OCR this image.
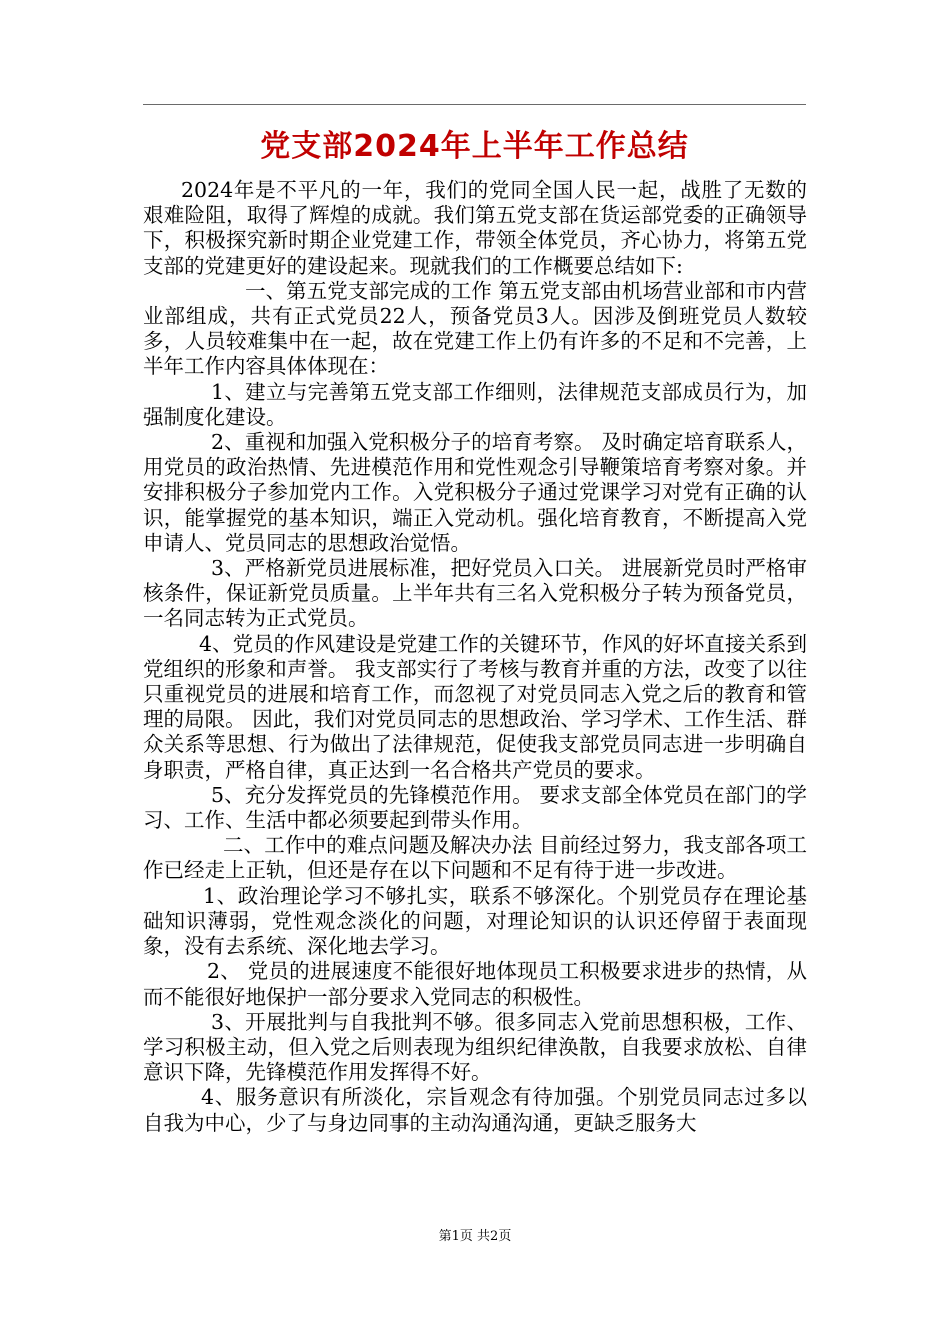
党支部2024年上半年工作总结

2024年是不平凡的一年，我们的党同全国人民一起，战胜了无数的艰难险阻，取得了辉煌的成就。我们第五党支部在货运部党委的正确领导下，积极探究新时期企业党建工作，带领全体党员，齐心协力，将第五党支部的党建更好的建设起来。现就我们的工作概要总结如下:

一、第五党支部完成的工作 第五党支部由机场营业部和市内营业部组成，共有正式党员22人，预备党员3人。因涉及倒班党员人数较多，人员较难集中在一起，故在党建工作上仍有许多的不足和不完善，上半年工作内容具体体现在：

1、建立与完善第五党支部工作细则，法律规范支部成员行为，加强制度化建设。

2、重视和加强入党积极分子的培育考察。 及时确定培育联系人，用党员的政治热情、先进模范作用和党性观念引导鞭策培育考察对象。并安排积极分子参加党内工作。入党积极分子通过党课学习对党有正确的认识，能掌握党的基本知识，端正入党动机。强化培育教育，不断提高入党申请人、党员同志的思想政治觉悟。

3、严格新党员进展标准，把好党员入口关。 进展新党员时严格审核条件，保证新党员质量。上半年共有三名入党积极分子转为预备党员，一名同志转为正式党员。

4、党员的作风建设是党建工作的关键环节，作风的好坏直接关系到党组织的形象和声誉。 我支部实行了考核与教育并重的方法，改变了以往只重视党员的进展和培育工作，而忽视了对党员同志入党之后的教育和管理的局限。 因此，我们对党员同志的思想政治、学习学术、工作生活、群众关系等思想、行为做出了法律规范，促使我支部党员同志进一步明确自身职责，严格自律，真正达到一名合格共产党员的要求。

5、充分发挥党员的先锋模范作用。 要求支部全体党员在部门的学习、工作、生活中都必须要起到带头作用。

二、工作中的难点问题及解决办法 目前经过努力，我支部各项工作已经走上正轨，但还是存在以下问题和不足有待于进一步改进。

1、政治理论学习不够扎实，联系不够深化。个别党员存在理论基础知识薄弱，党性观念淡化的问题，对理论知识的认识还停留于表面现象，没有去系统、深化地去学习。

2、 党员的进展速度不能很好地体现员工积极要求进步的热情，从而不能很好地保护一部分要求入党同志的积极性。

3、开展批判与自我批判不够。很多同志入党前思想积极，工作、学习积极主动，但入党之后则表现为组织纪律涣散，自我要求放松、自律意识下降，先锋模范作用发挥得不好。

4、服务意识有所淡化，宗旨观念有待加强。个别党员同志过多以自我为中心，少了与身边同事的主动沟通沟通，更缺乏服务大

第1页 共2页
